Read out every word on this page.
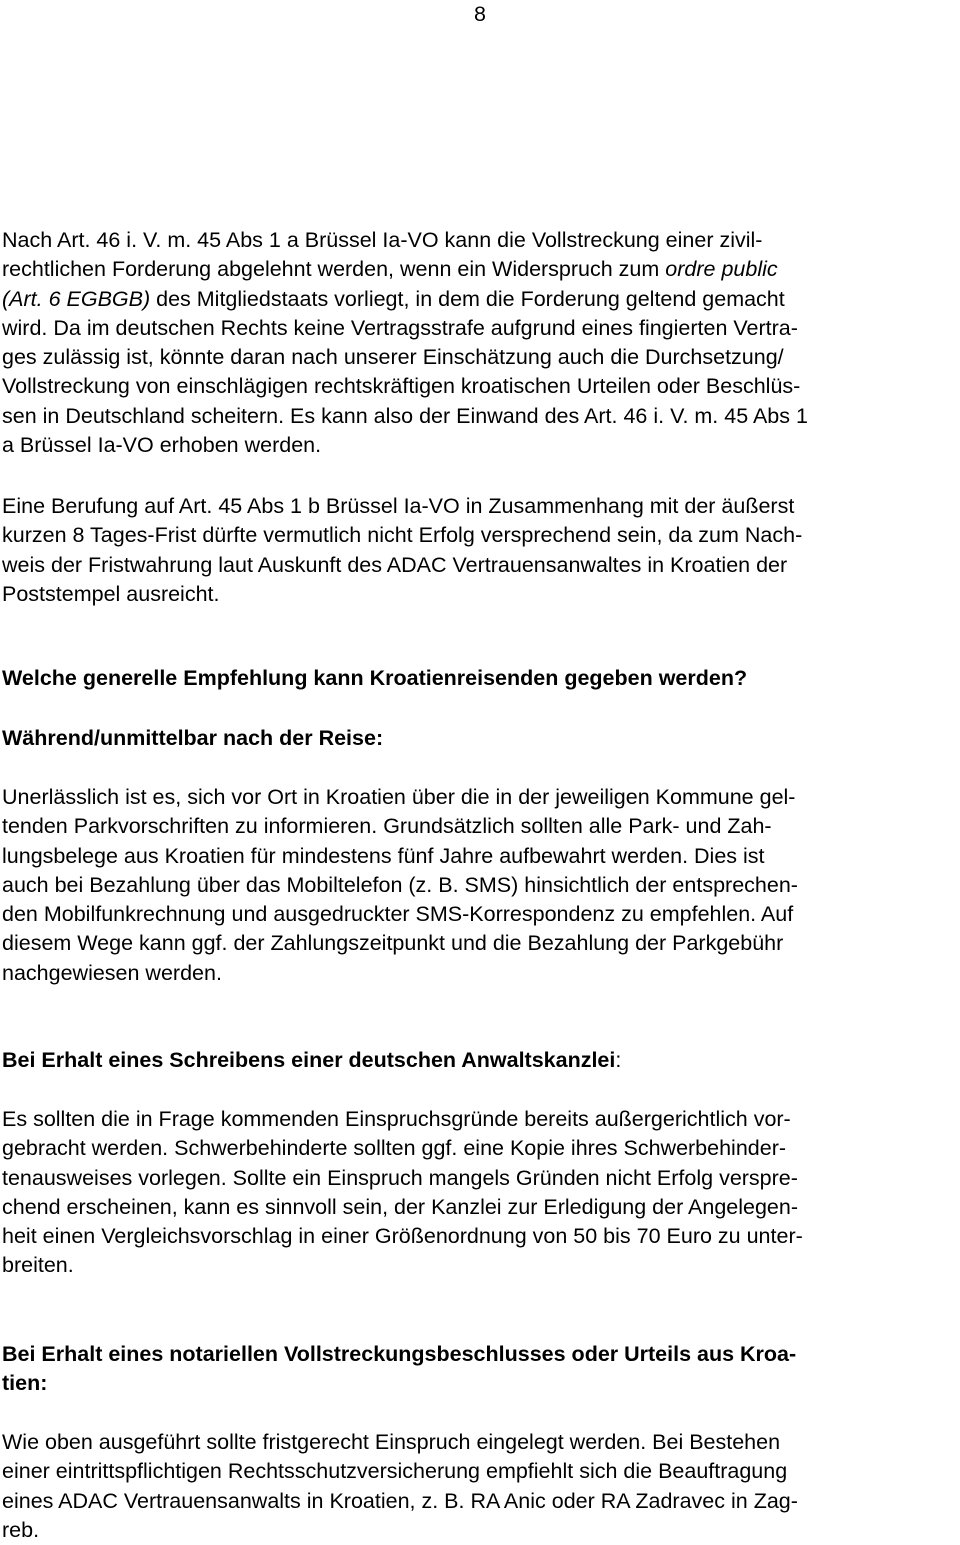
8

Nach Art. 46 i. V. m. 45 Abs 1 a Brüssel Ia-VO kann die Vollstreckung einer zivil-
rechtlichen Forderung abgelehnt werden, wenn ein Widerspruch zum ordre public
(Art. 6 EGBGB) des Mitgliedstaats vorliegt, in dem die Forderung geltend gemacht
wird. Da im deutschen Rechts keine Vertragsstrafe aufgrund eines fingierten Vertra-
ges zulässig ist, könnte daran nach unserer Einschätzung auch die Durchsetzung/
Vollstreckung von einschlägigen rechtskräftigen kroatischen Urteilen oder Beschlüs-
sen in Deutschland scheitern. Es kann also der Einwand des Art. 46 i. V. m. 45 Abs 1
a Brüssel Ia-VO erhoben werden.

Eine Berufung auf Art. 45 Abs 1 b Brüssel Ia-VO in Zusammenhang mit der äußerst
kurzen 8 Tages-Frist dürfte vermutlich nicht Erfolg versprechend sein, da zum Nach-
weis der Fristwahrung laut Auskunft des ADAC Vertrauensanwaltes in Kroatien der
Poststempel ausreicht.

Welche generelle Empfehlung kann Kroatienreisenden gegeben werden?

Während/unmittelbar nach der Reise:

Unerlässlich ist es, sich vor Ort in Kroatien über die in der jeweiligen Kommune gel-
tenden Parkvorschriften zu informieren. Grundsätzlich sollten alle Park- und Zah-
lungsbelege aus Kroatien für mindestens fünf Jahre aufbewahrt werden. Dies ist
auch bei Bezahlung über das Mobiltelefon (z. B. SMS) hinsichtlich der entsprechen-
den Mobilfunkrechnung und ausgedruckter SMS-Korrespondenz zu empfehlen. Auf
diesem Wege kann ggf. der Zahlungszeitpunkt und die Bezahlung der Parkgebühr
nachgewiesen werden.

Bei Erhalt eines Schreibens einer deutschen Anwaltskanzlei:

Es sollten die in Frage kommenden Einspruchsgründe bereits außergerichtlich vor-
gebracht werden. Schwerbehinderte sollten ggf. eine Kopie ihres Schwerbehinder-
tenausweises vorlegen. Sollte ein Einspruch mangels Gründen nicht Erfolg verspre-
chend erscheinen, kann es sinnvoll sein, der Kanzlei zur Erledigung der Angelegen-
heit einen Vergleichsvorschlag in einer Größenordnung von 50 bis 70 Euro zu unter-
breiten.

Bei Erhalt eines notariellen Vollstreckungsbeschlusses oder Urteils aus Kroa-
tien:

Wie oben ausgeführt sollte fristgerecht Einspruch eingelegt werden. Bei Bestehen
einer eintrittspflichtigen Rechtsschutzversicherung empfiehlt sich die Beauftragung
eines ADAC Vertrauensanwalts in Kroatien, z. B. RA Anic oder RA Zadravec in Zag-
reb.
